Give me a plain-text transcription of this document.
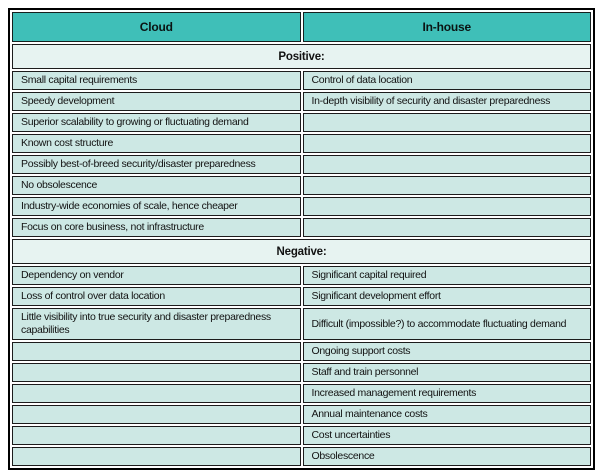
Cloud	In-house
Positive:	
Small capital requirements	Control of data location
Speedy development	In-depth visibility of security and disaster preparedness
Superior scalability to growing or fluctuating demand	
Known cost structure	
Possibly best-of-breed security/disaster preparedness	
No obsolescence	
Industry-wide economies of scale, hence cheaper	
Focus on core business, not infrastructure	
Negative:	
Dependency on vendor	Significant capital required
Loss of control over data location	Significant development effort
Little visibility into true security and disaster preparedness capabilities	Difficult (impossible?) to accommodate fluctuating demand
	Ongoing support costs
	Staff and train personnel
	Increased management requirements
	Annual maintenance costs
	Cost uncertainties
	Obsolescence
